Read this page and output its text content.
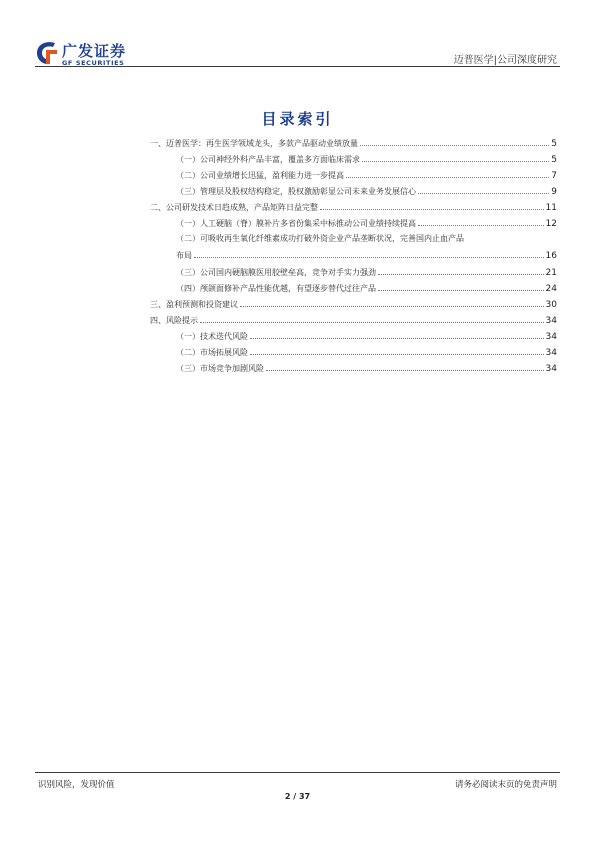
广发证券
GF SECURITIES	迈普医学|公司深度研究
目录索引
一、迈普医学：再生医学领域龙头，多款产品驱动业绩放量	5
（一）公司神经外科产品丰富，覆盖多方面临床需求	5
（二）公司业绩增长迅猛，盈利能力进一步提高	7
（三）管理层及股权结构稳定，股权激励彰显公司未来业务发展信心	9
二、公司研发技术日趋成熟，产品矩阵日益完整	11
（一）人工硬脑（脊）膜补片多省份集采中标推动公司业绩持续提高	12
（二）可吸收再生氧化纤维素成功打破外资企业产品垄断状况，完善国内止血产品
布局	16
（三）公司国内硬脑膜医用胶壁垒高，竞争对手实力强劲	21
（四）颅颌面修补产品性能优越，有望逐步替代过往产品	24
三、盈利预测和投资建议	30
四、风险提示	34
（一）技术迭代风险	34
（二）市场拓展风险	34
（三）市场竞争加剧风险	34
识别风险，发现价值	请务必阅读末页的免责声明
2 / 37
